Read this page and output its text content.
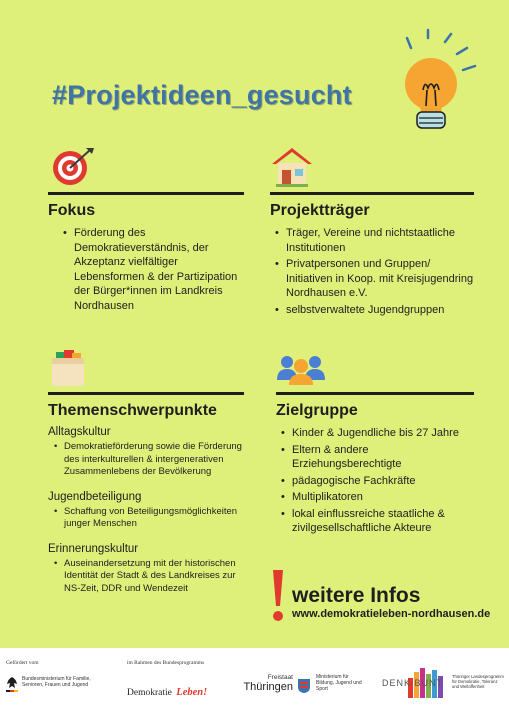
#Projektideen_gesucht
Fokus
• Förderung des Demokratieverständnis, der Akzeptanz vielfältiger Lebensformen & der Partizipation der Bürger*innen im Landkreis Nordhausen
Projektträger
• Träger, Vereine und nichtstaatliche Institutionen
• Privatpersonen und Gruppen/ Initiativen in Koop. mit Kreisjugendring Nordhausen e.V.
• selbstverwaltete Jugendgruppen
Themenschwerpunkte
Alltagskultur
• Demokratieförderung sowie die Förderung des interkulturellen & intergenerativen Zusammenlebens der Bevölkerung
Jugendbeteiligung
• Schaffung von Beteiligungsmöglichkeiten junger Menschen
Erinnerungskultur
• Auseinandersetzung mit der historischen Identität der Stadt & des Landkreises zur NS-Zeit, DDR und Wendezeit
Zielgruppe
• Kinder & Jugendliche bis 27 Jahre
• Eltern & andere Erziehungsberechtigte
• pädagogische Fachkräfte
• Multiplikatoren
• lokal einflussreiche staatliche & zivilgesellschaftliche Akteure
weitere Infos
www.demokratieleben-nordhausen.de
Gefördert vom
Bundesministerium für Familie, Senioren, Frauen und Jugend
im Rahmen des Bundesprogramms
Demokratie Leben!
Freistaat
Thüringen
Ministerium für Bildung, Jugend und Sport
DENK BUNT
Thüringer Landesprogramm für Demokratie, Toleranz und Weltoffenheit
